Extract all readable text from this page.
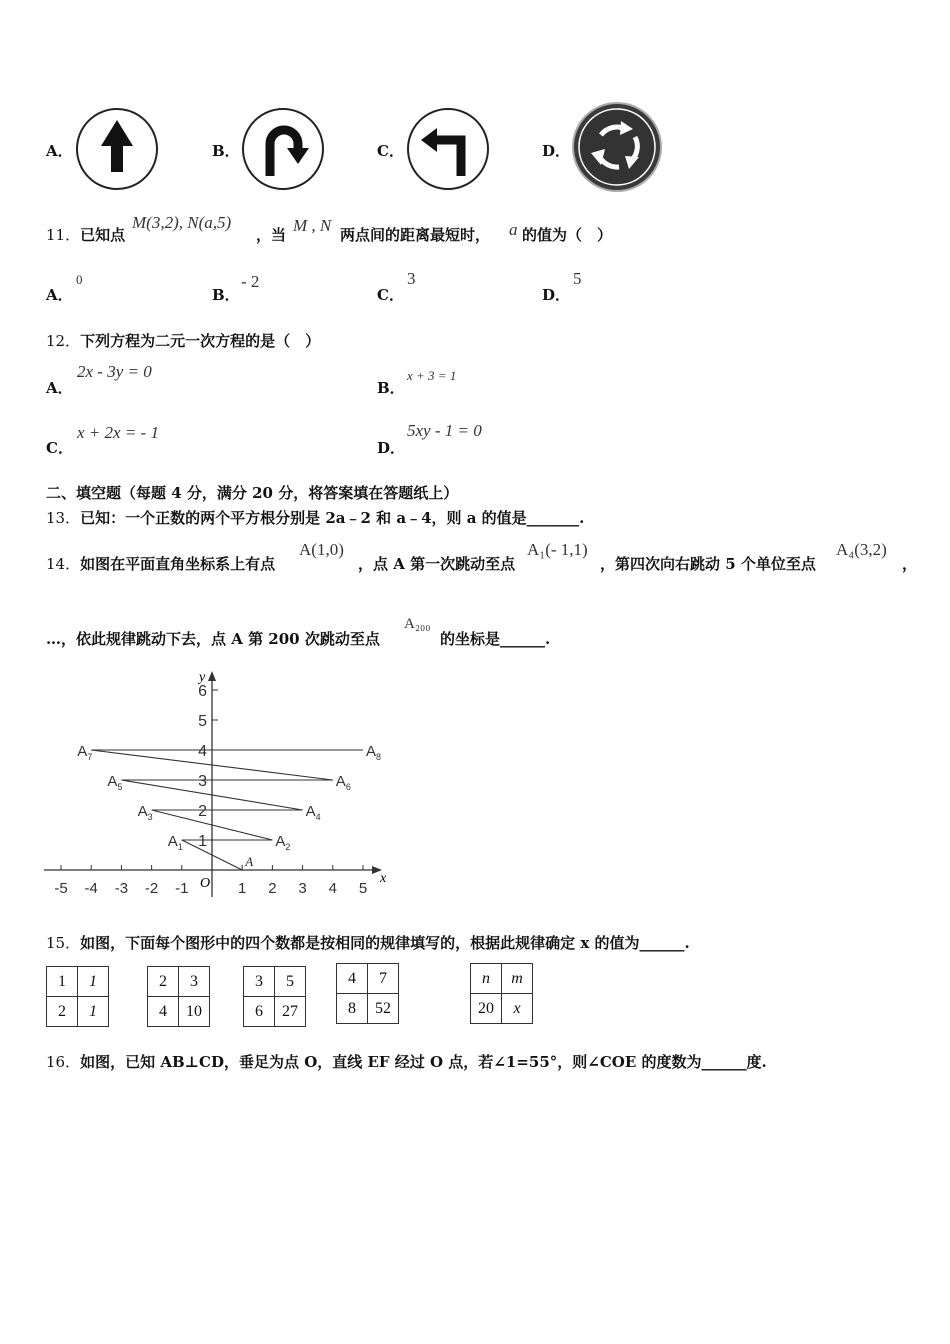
A．	B．	C．	D．
11．已知点
M(3,2), N(a,5)
，当 M , N 两点间的距离最短时， a 的值为（　）
A．
0
B．
- 2
C．
3
D．
5
12．下列方程为二元一次方程的是（　）
A．
2x - 3y = 0
B．
x + 3 = 1
C．
x + 2x = - 1
D．
5xy - 1 = 0
二、填空题（每题 4 分，满分 20 分，将答案填在答题纸上）
13．已知：一个正数的两个平方根分别是 2a﹣2 和 a﹣4，则 a 的值是_______.
14．如图在平面直角坐标系上有点
A(1,0)
，点 A 第一次跳动至点
A₁(- 1,1)
，第四次向右跳动 5 个单位至点
A₄(3,2)
，
…，依此规律跳动下去，点 A 第 200 次跳动至点
A₂₀₀
的坐标是______.
x
y
O
-5 -4 -3 -2 -1	1 2 3 4 5
1
2
3
4
5
6
A
$A_1$	$A_2$
$A_3$	$A_4$
$A_5$	$A_6$
$A_7$	$A_8$
15．如图，下面每个图形中的四个数都是按相同的规律填写的，根据此规律确定 x 的值为______.
1	1
2	1
2	3
4	10
3	5
6	27
4	7
8	52
n	m
20	x
16．如图，已知 AB⊥CD，垂足为点 O，直线 EF 经过 O 点，若∠1=55°，则∠COE 的度数为______度.
